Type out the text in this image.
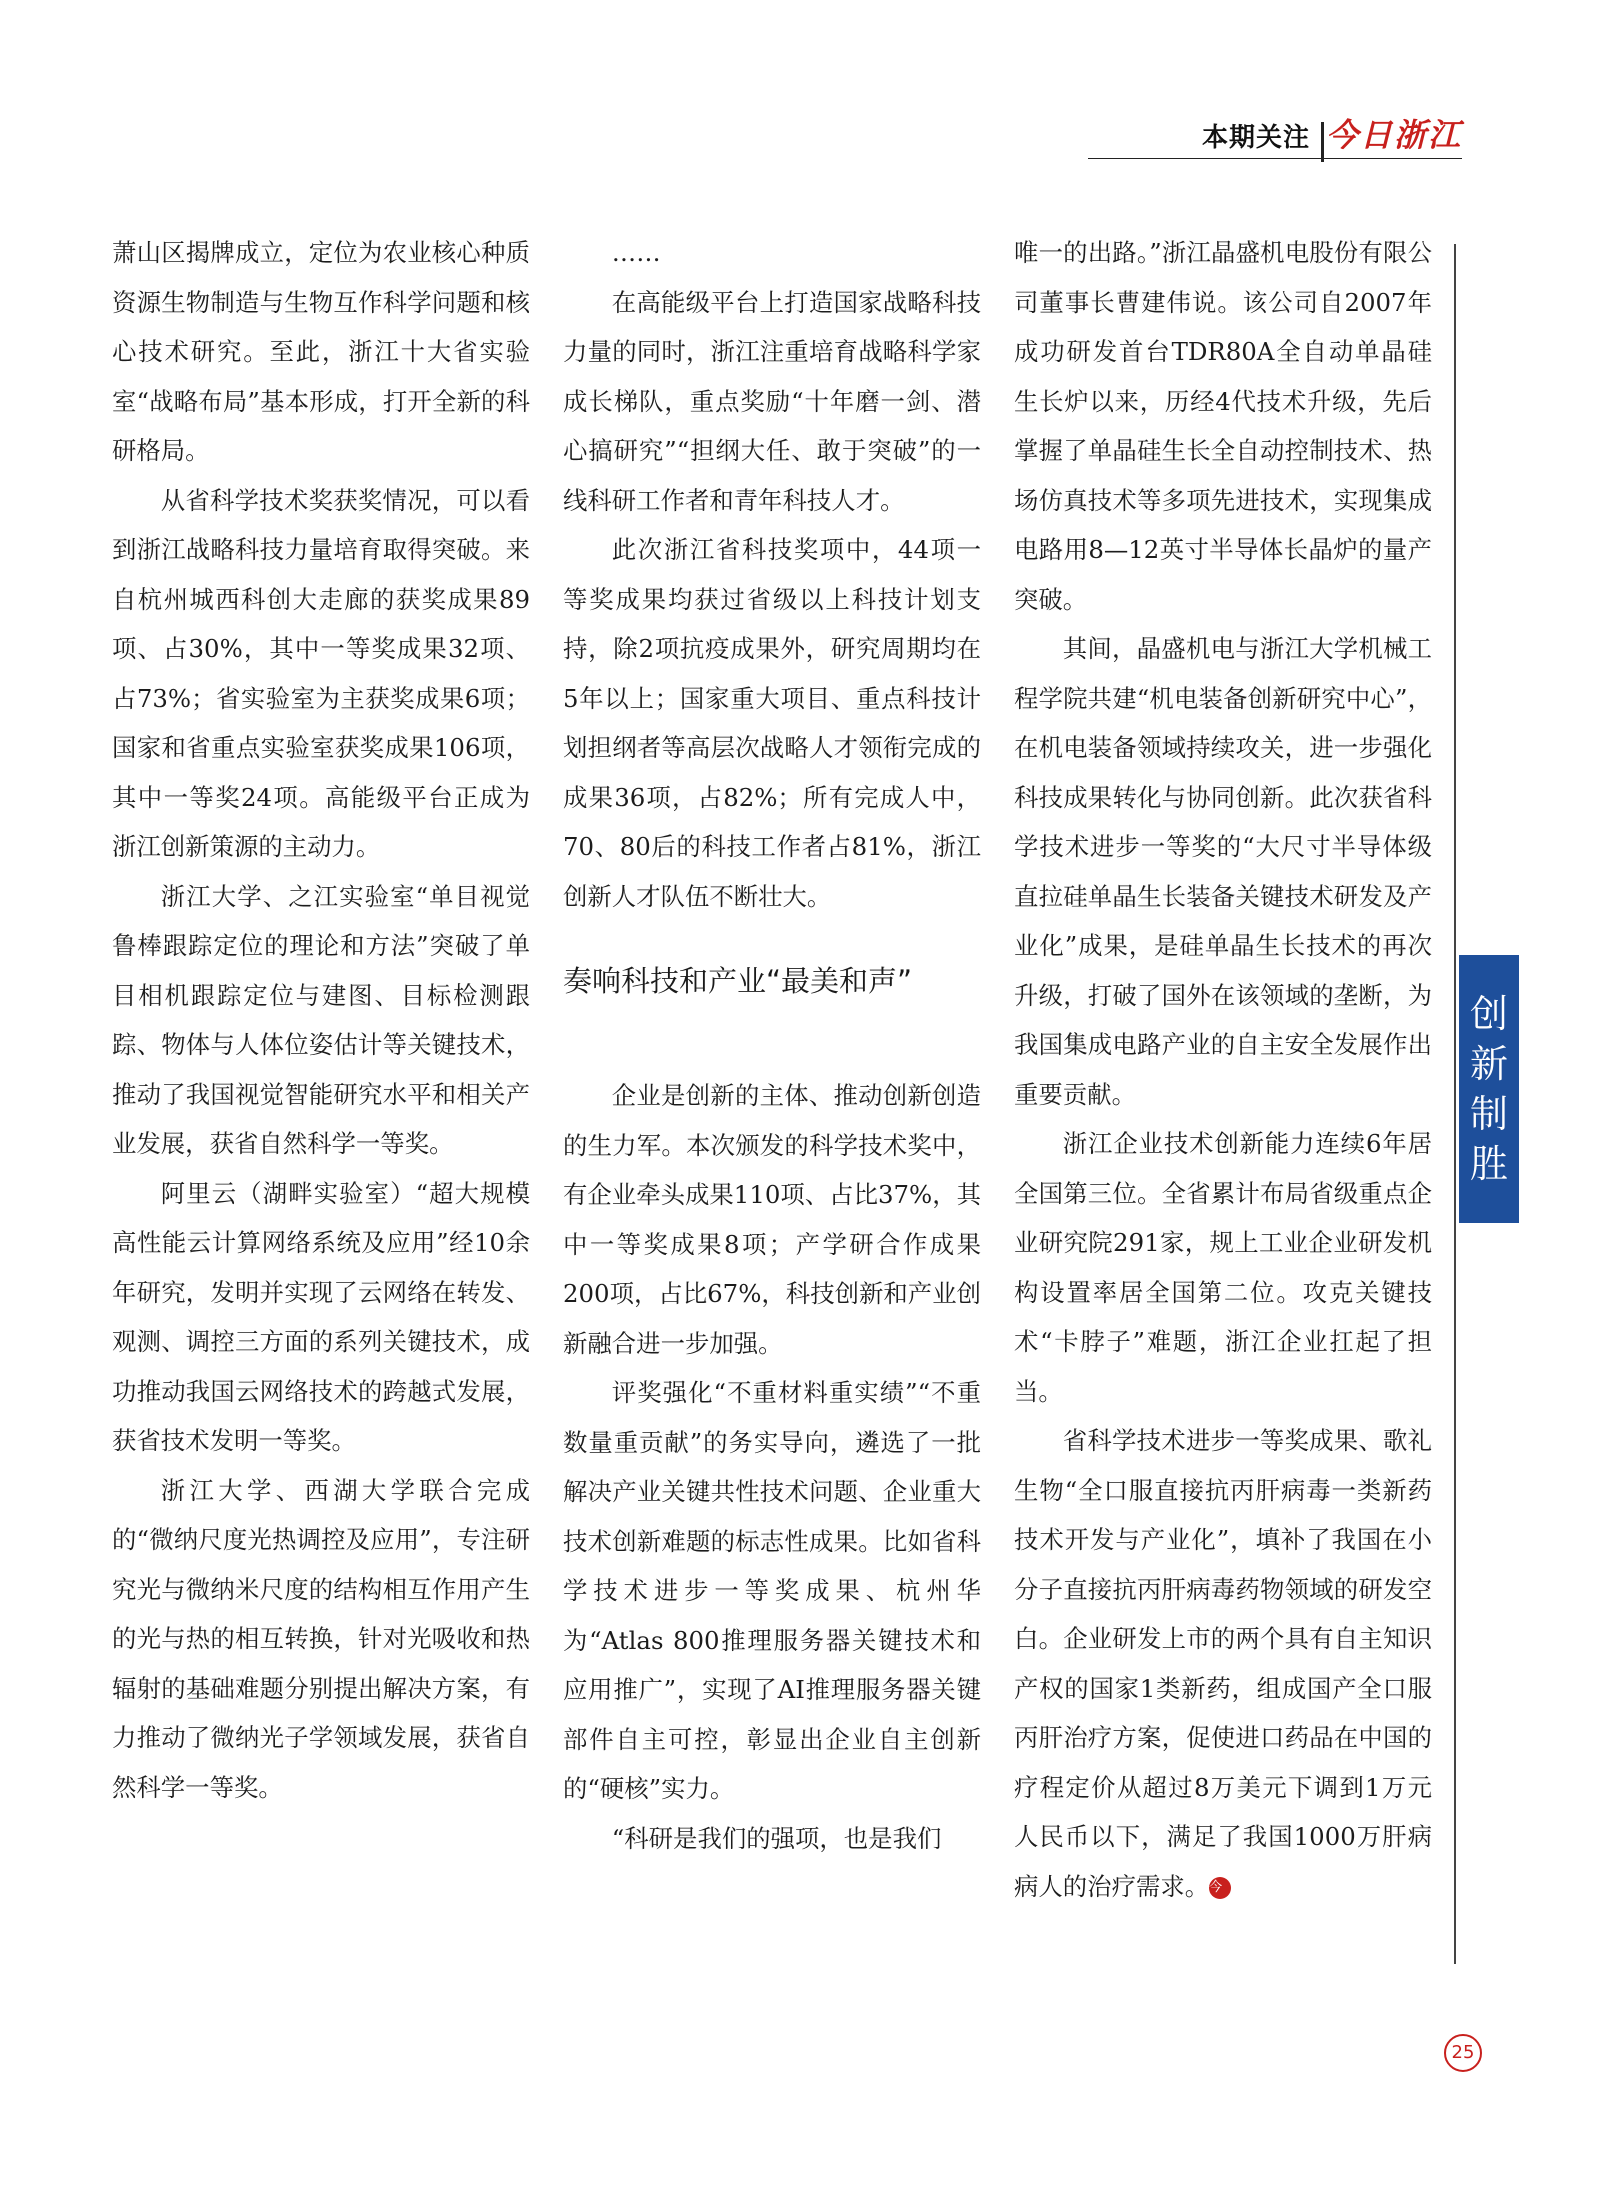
本期关注 今日浙江

萧山区揭牌成立，定位为农业核心种质资源生物制造与生物互作科学问题和核心技术研究。至此，浙江十大省实验室“战略布局”基本形成，打开全新的科研格局。

从省科学技术奖获奖情况，可以看到浙江战略科技力量培育取得突破。来自杭州城西科创大走廊的获奖成果89项、占30%，其中一等奖成果32项、占73%；省实验室为主获奖成果6项；国家和省重点实验室获奖成果106项，其中一等奖24项。高能级平台正成为浙江创新策源的主动力。

浙江大学、之江实验室“单目视觉鲁棒跟踪定位的理论和方法”突破了单目相机跟踪定位与建图、目标检测跟踪、物体与人体位姿估计等关键技术，推动了我国视觉智能研究水平和相关产业发展，获省自然科学一等奖。

阿里云（湖畔实验室）“超大规模高性能云计算网络系统及应用”经10余年研究，发明并实现了云网络在转发、观测、调控三方面的系列关键技术，成功推动我国云网络技术的跨越式发展，获省技术发明一等奖。

浙江大学、西湖大学联合完成的“微纳尺度光热调控及应用”，专注研究光与微纳米尺度的结构相互作用产生的光与热的相互转换，针对光吸收和热辐射的基础难题分别提出解决方案，有力推动了微纳光子学领域发展，获省自然科学一等奖。

……

在高能级平台上打造国家战略科技力量的同时，浙江注重培育战略科学家成长梯队，重点奖励“十年磨一剑、潜心搞研究”“担纲大任、敢于突破”的一线科研工作者和青年科技人才。

此次浙江省科技奖项中，44项一等奖成果均获过省级以上科技计划支持，除2项抗疫成果外，研究周期均在5年以上；国家重大项目、重点科技计划担纲者等高层次战略人才领衔完成的成果36项，占82%；所有完成人中，70、80后的科技工作者占81%，浙江创新人才队伍不断壮大。

奏响科技和产业“最美和声”

企业是创新的主体、推动创新创造的生力军。本次颁发的科学技术奖中，有企业牵头成果110项、占比37%，其中一等奖成果8项；产学研合作成果200项，占比67%，科技创新和产业创新融合进一步加强。

评奖强化“不重材料重实绩”“不重数量重贡献”的务实导向，遴选了一批解决产业关键共性技术问题、企业重大技术创新难题的标志性成果。比如省科学技术进步一等奖成果、杭州华为“Atlas 800推理服务器关键技术和应用推广”，实现了AI推理服务器关键部件自主可控，彰显出企业自主创新的“硬核”实力。

“科研是我们的强项，也是我们

唯一的出路。”浙江晶盛机电股份有限公司董事长曹建伟说。该公司自2007年成功研发首台TDR80A全自动单晶硅生长炉以来，历经4代技术升级，先后掌握了单晶硅生长全自动控制技术、热场仿真技术等多项先进技术，实现集成电路用8—12英寸半导体长晶炉的量产突破。

其间，晶盛机电与浙江大学机械工程学院共建“机电装备创新研究中心”，在机电装备领域持续攻关，进一步强化科技成果转化与协同创新。此次获省科学技术进步一等奖的“大尺寸半导体级直拉硅单晶生长装备关键技术研发及产业化”成果，是硅单晶生长技术的再次升级，打破了国外在该领域的垄断，为我国集成电路产业的自主安全发展作出重要贡献。

浙江企业技术创新能力连续6年居全国第三位。全省累计布局省级重点企业研究院291家，规上工业企业研发机构设置率居全国第二位。攻克关键技术“卡脖子”难题，浙江企业扛起了担当。

省科学技术进步一等奖成果、歌礼生物“全口服直接抗丙肝病毒一类新药技术开发与产业化”，填补了我国在小分子直接抗丙肝病毒药物领域的研发空白。企业研发上市的两个具有自主知识产权的国家1类新药，组成国产全口服丙肝治疗方案，促使进口药品在中国的疗程定价从超过8万美元下调到1万元人民币以下，满足了我国1000万肝病病人的治疗需求。今

创
新
制
胜
25
